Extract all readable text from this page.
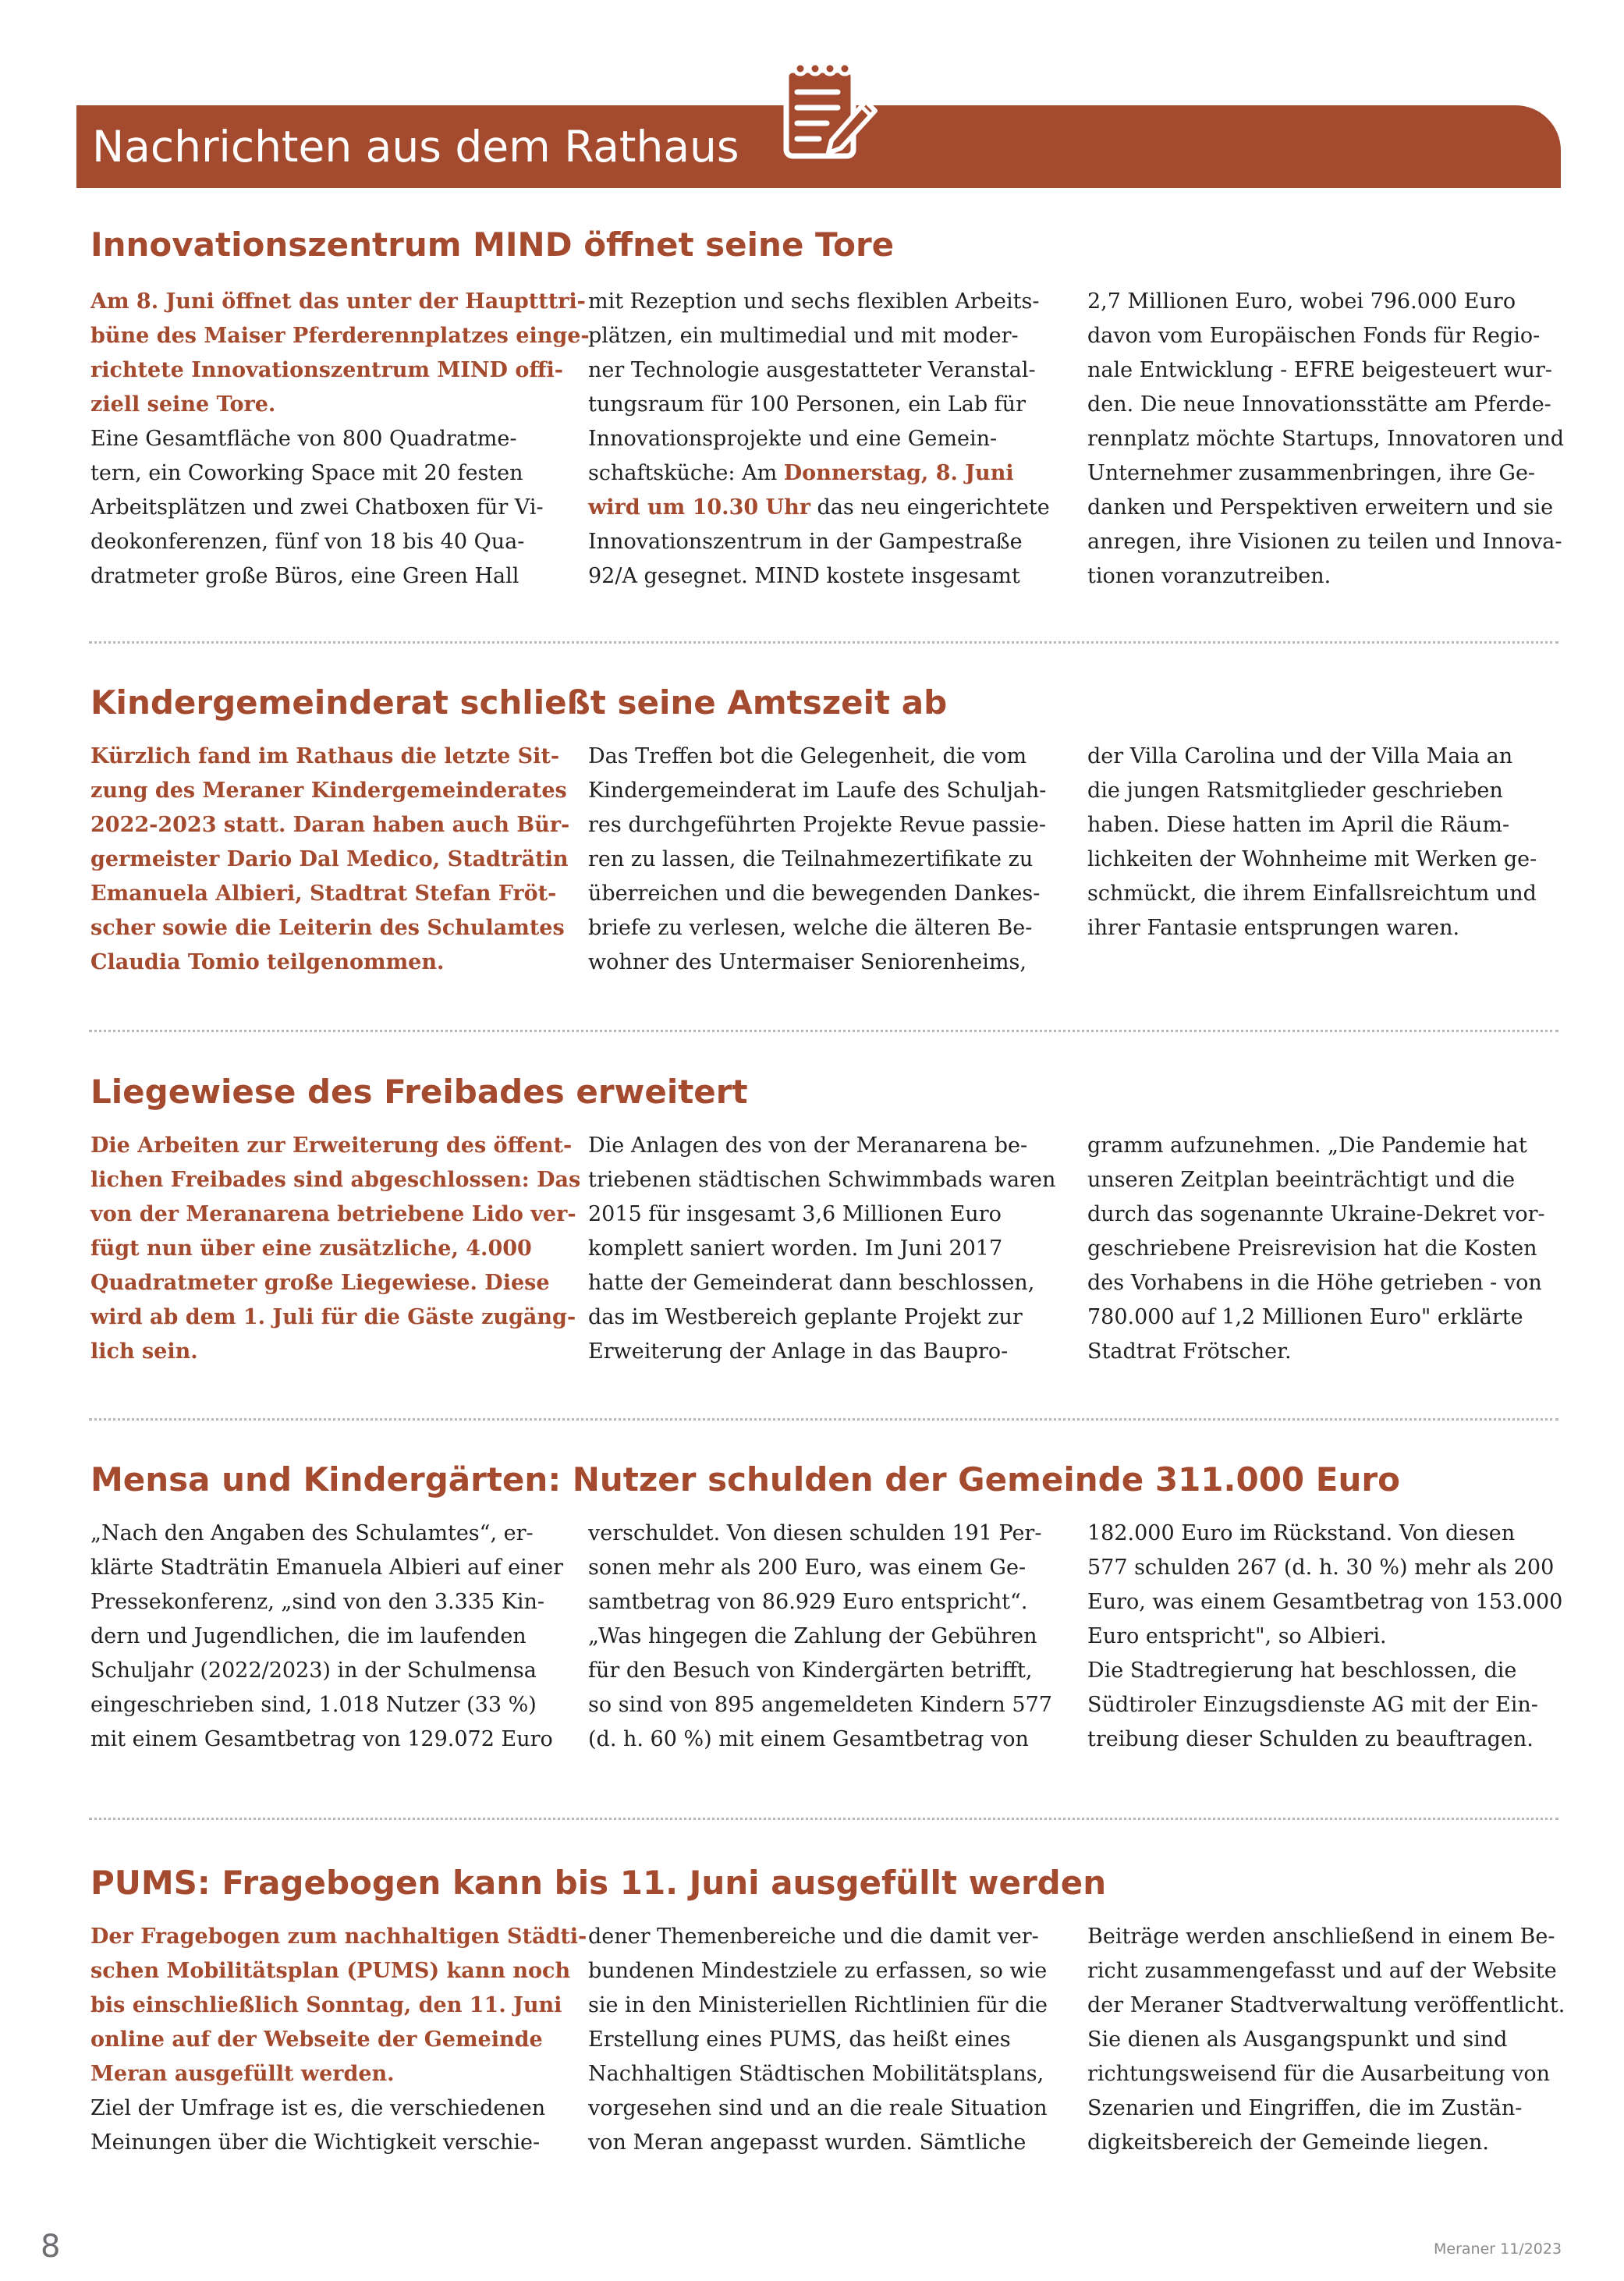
Nachrichten aus dem Rathaus
Innovationszentrum MIND öffnet seine Tore
Am 8. Juni öffnet das unter der Hauptttri-
büne des Maiser Pferderennplatzes einge-
richtete Innovationszentrum MIND offi-
ziell seine Tore.
Eine Gesamtfläche von 800 Quadratme-
tern, ein Coworking Space mit 20 festen
Arbeitsplätzen und zwei Chatboxen für Vi-
deokonferenzen, fünf von 18 bis 40 Qua-
dratmeter große Büros, eine Green Hall
mit Rezeption und sechs flexiblen Arbeits-
plätzen, ein multimedial und mit moder-
ner Technologie ausgestatteter Veranstal-
tungsraum für 100 Personen, ein Lab für
Innovationsprojekte und eine Gemein-
schaftsküche: Am Donnerstag, 8. Juni
wird um 10.30 Uhr das neu eingerichtete
Innovationszentrum in der Gampestraße
92/A gesegnet. MIND kostete insgesamt
2,7 Millionen Euro, wobei 796.000 Euro
davon vom Europäischen Fonds für Regio-
nale Entwicklung - EFRE beigesteuert wur-
den. Die neue Innovationsstätte am Pferde-
rennplatz möchte Startups, Innovatoren und
Unternehmer zusammenbringen, ihre Ge-
danken und Perspektiven erweitern und sie
anregen, ihre Visionen zu teilen und Innova-
tionen voranzutreiben.
Kindergemeinderat schließt seine Amtszeit ab
Kürzlich fand im Rathaus die letzte Sit-
zung des Meraner Kindergemeinderates
2022-2023 statt. Daran haben auch Bür-
germeister Dario Dal Medico, Stadträtin
Emanuela Albieri, Stadtrat Stefan Fröt-
scher sowie die Leiterin des Schulamtes
Claudia Tomio teilgenommen.
Das Treffen bot die Gelegenheit, die vom
Kindergemeinderat im Laufe des Schuljah-
res durchgeführten Projekte Revue passie-
ren zu lassen, die Teilnahmezertifikate zu
überreichen und die bewegenden Dankes-
briefe zu verlesen, welche die älteren Be-
wohner des Untermaiser Seniorenheims,
der Villa Carolina und der Villa Maia an
die jungen Ratsmitglieder geschrieben
haben. Diese hatten im April die Räum-
lichkeiten der Wohnheime mit Werken ge-
schmückt, die ihrem Einfallsreichtum und
ihrer Fantasie entsprungen waren.
Liegewiese des Freibades erweitert
Die Arbeiten zur Erweiterung des öffent-
lichen Freibades sind abgeschlossen: Das
von der Meranarena betriebene Lido ver-
fügt nun über eine zusätzliche, 4.000
Quadratmeter große Liegewiese. Diese
wird ab dem 1. Juli für die Gäste zugäng-
lich sein.
Die Anlagen des von der Meranarena be-
triebenen städtischen Schwimmbads waren
2015 für insgesamt 3,6 Millionen Euro
komplett saniert worden. Im Juni 2017
hatte der Gemeinderat dann beschlossen,
das im Westbereich geplante Projekt zur
Erweiterung der Anlage in das Baupro-
gramm aufzunehmen. „Die Pandemie hat
unseren Zeitplan beeinträchtigt und die
durch das sogenannte Ukraine-Dekret vor-
geschriebene Preisrevision hat die Kosten
des Vorhabens in die Höhe getrieben - von
780.000 auf 1,2 Millionen Euro" erklärte
Stadtrat Frötscher.
Mensa und Kindergärten: Nutzer schulden der Gemeinde 311.000 Euro
„Nach den Angaben des Schulamtes“, er-
klärte Stadträtin Emanuela Albieri auf einer
Pressekonferenz, „sind von den 3.335 Kin-
dern und Jugendlichen, die im laufenden
Schuljahr (2022/2023) in der Schulmensa
eingeschrieben sind, 1.018 Nutzer (33 %)
mit einem Gesamtbetrag von 129.072 Euro
verschuldet. Von diesen schulden 191 Per-
sonen mehr als 200 Euro, was einem Ge-
samtbetrag von 86.929 Euro entspricht“.
„Was hingegen die Zahlung der Gebühren
für den Besuch von Kindergärten betrifft,
so sind von 895 angemeldeten Kindern 577
(d. h. 60 %) mit einem Gesamtbetrag von
182.000 Euro im Rückstand. Von diesen
577 schulden 267 (d. h. 30 %) mehr als 200
Euro, was einem Gesamtbetrag von 153.000
Euro entspricht", so Albieri.
Die Stadtregierung hat beschlossen, die
Südtiroler Einzugsdienste AG mit der Ein-
treibung dieser Schulden zu beauftragen.
PUMS: Fragebogen kann bis 11. Juni ausgefüllt werden
Der Fragebogen zum nachhaltigen Städti-
schen Mobilitätsplan (PUMS) kann noch
bis einschließlich Sonntag, den 11. Juni
online auf der Webseite der Gemeinde
Meran ausgefüllt werden.
Ziel der Umfrage ist es, die verschiedenen
Meinungen über die Wichtigkeit verschie-
dener Themenbereiche und die damit ver-
bundenen Mindestziele zu erfassen, so wie
sie in den Ministeriellen Richtlinien für die
Erstellung eines PUMS, das heißt eines
Nachhaltigen Städtischen Mobilitätsplans,
vorgesehen sind und an die reale Situation
von Meran angepasst wurden. Sämtliche
Beiträge werden anschließend in einem Be-
richt zusammengefasst und auf der Website
der Meraner Stadtverwaltung veröffentlicht.
Sie dienen als Ausgangspunkt und sind
richtungsweisend für die Ausarbeitung von
Szenarien und Eingriffen, die im Zustän-
digkeitsbereich der Gemeinde liegen.
8	Meraner 11/2023
